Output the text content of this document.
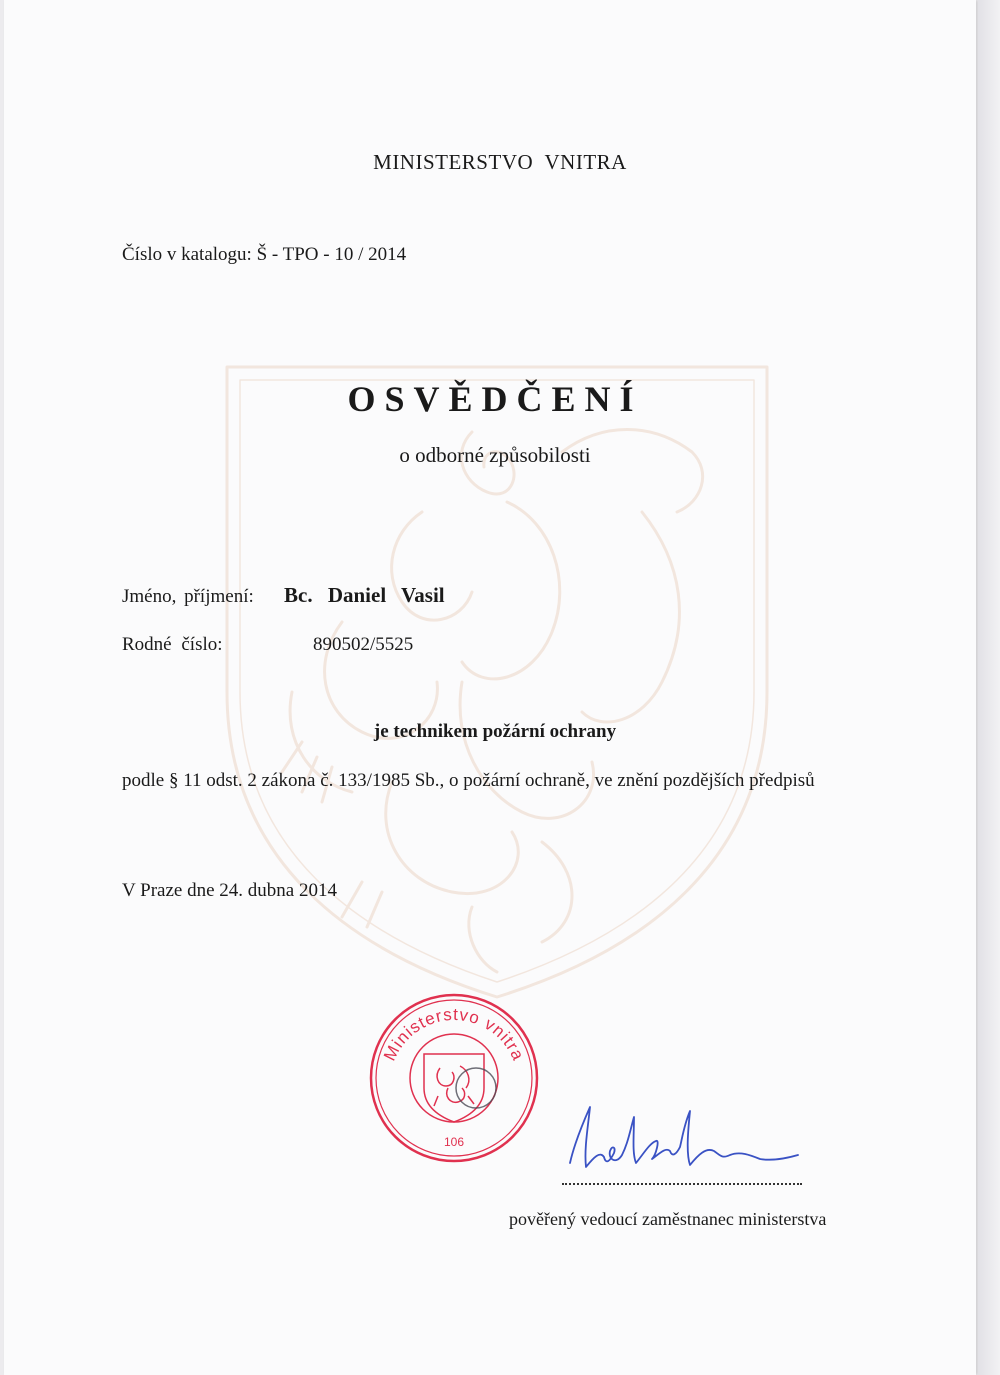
MINISTERSTVO VNITRA
Číslo v katalogu: Š - TPO - 10 / 2014
OSVĚDČENÍ
o odborné způsobilosti
Jméno, příjmení: Bc. Daniel Vasil
Rodné číslo:	890502/5525
je technikem požární ochrany
podle § 11 odst. 2 zákona č. 133/1985 Sb., o požární ochraně, ve znění pozdějších předpisů
V Praze dne 24. dubna 2014
Ministerstvo vnitra
106
pověřený vedoucí zaměstnanec ministerstva
